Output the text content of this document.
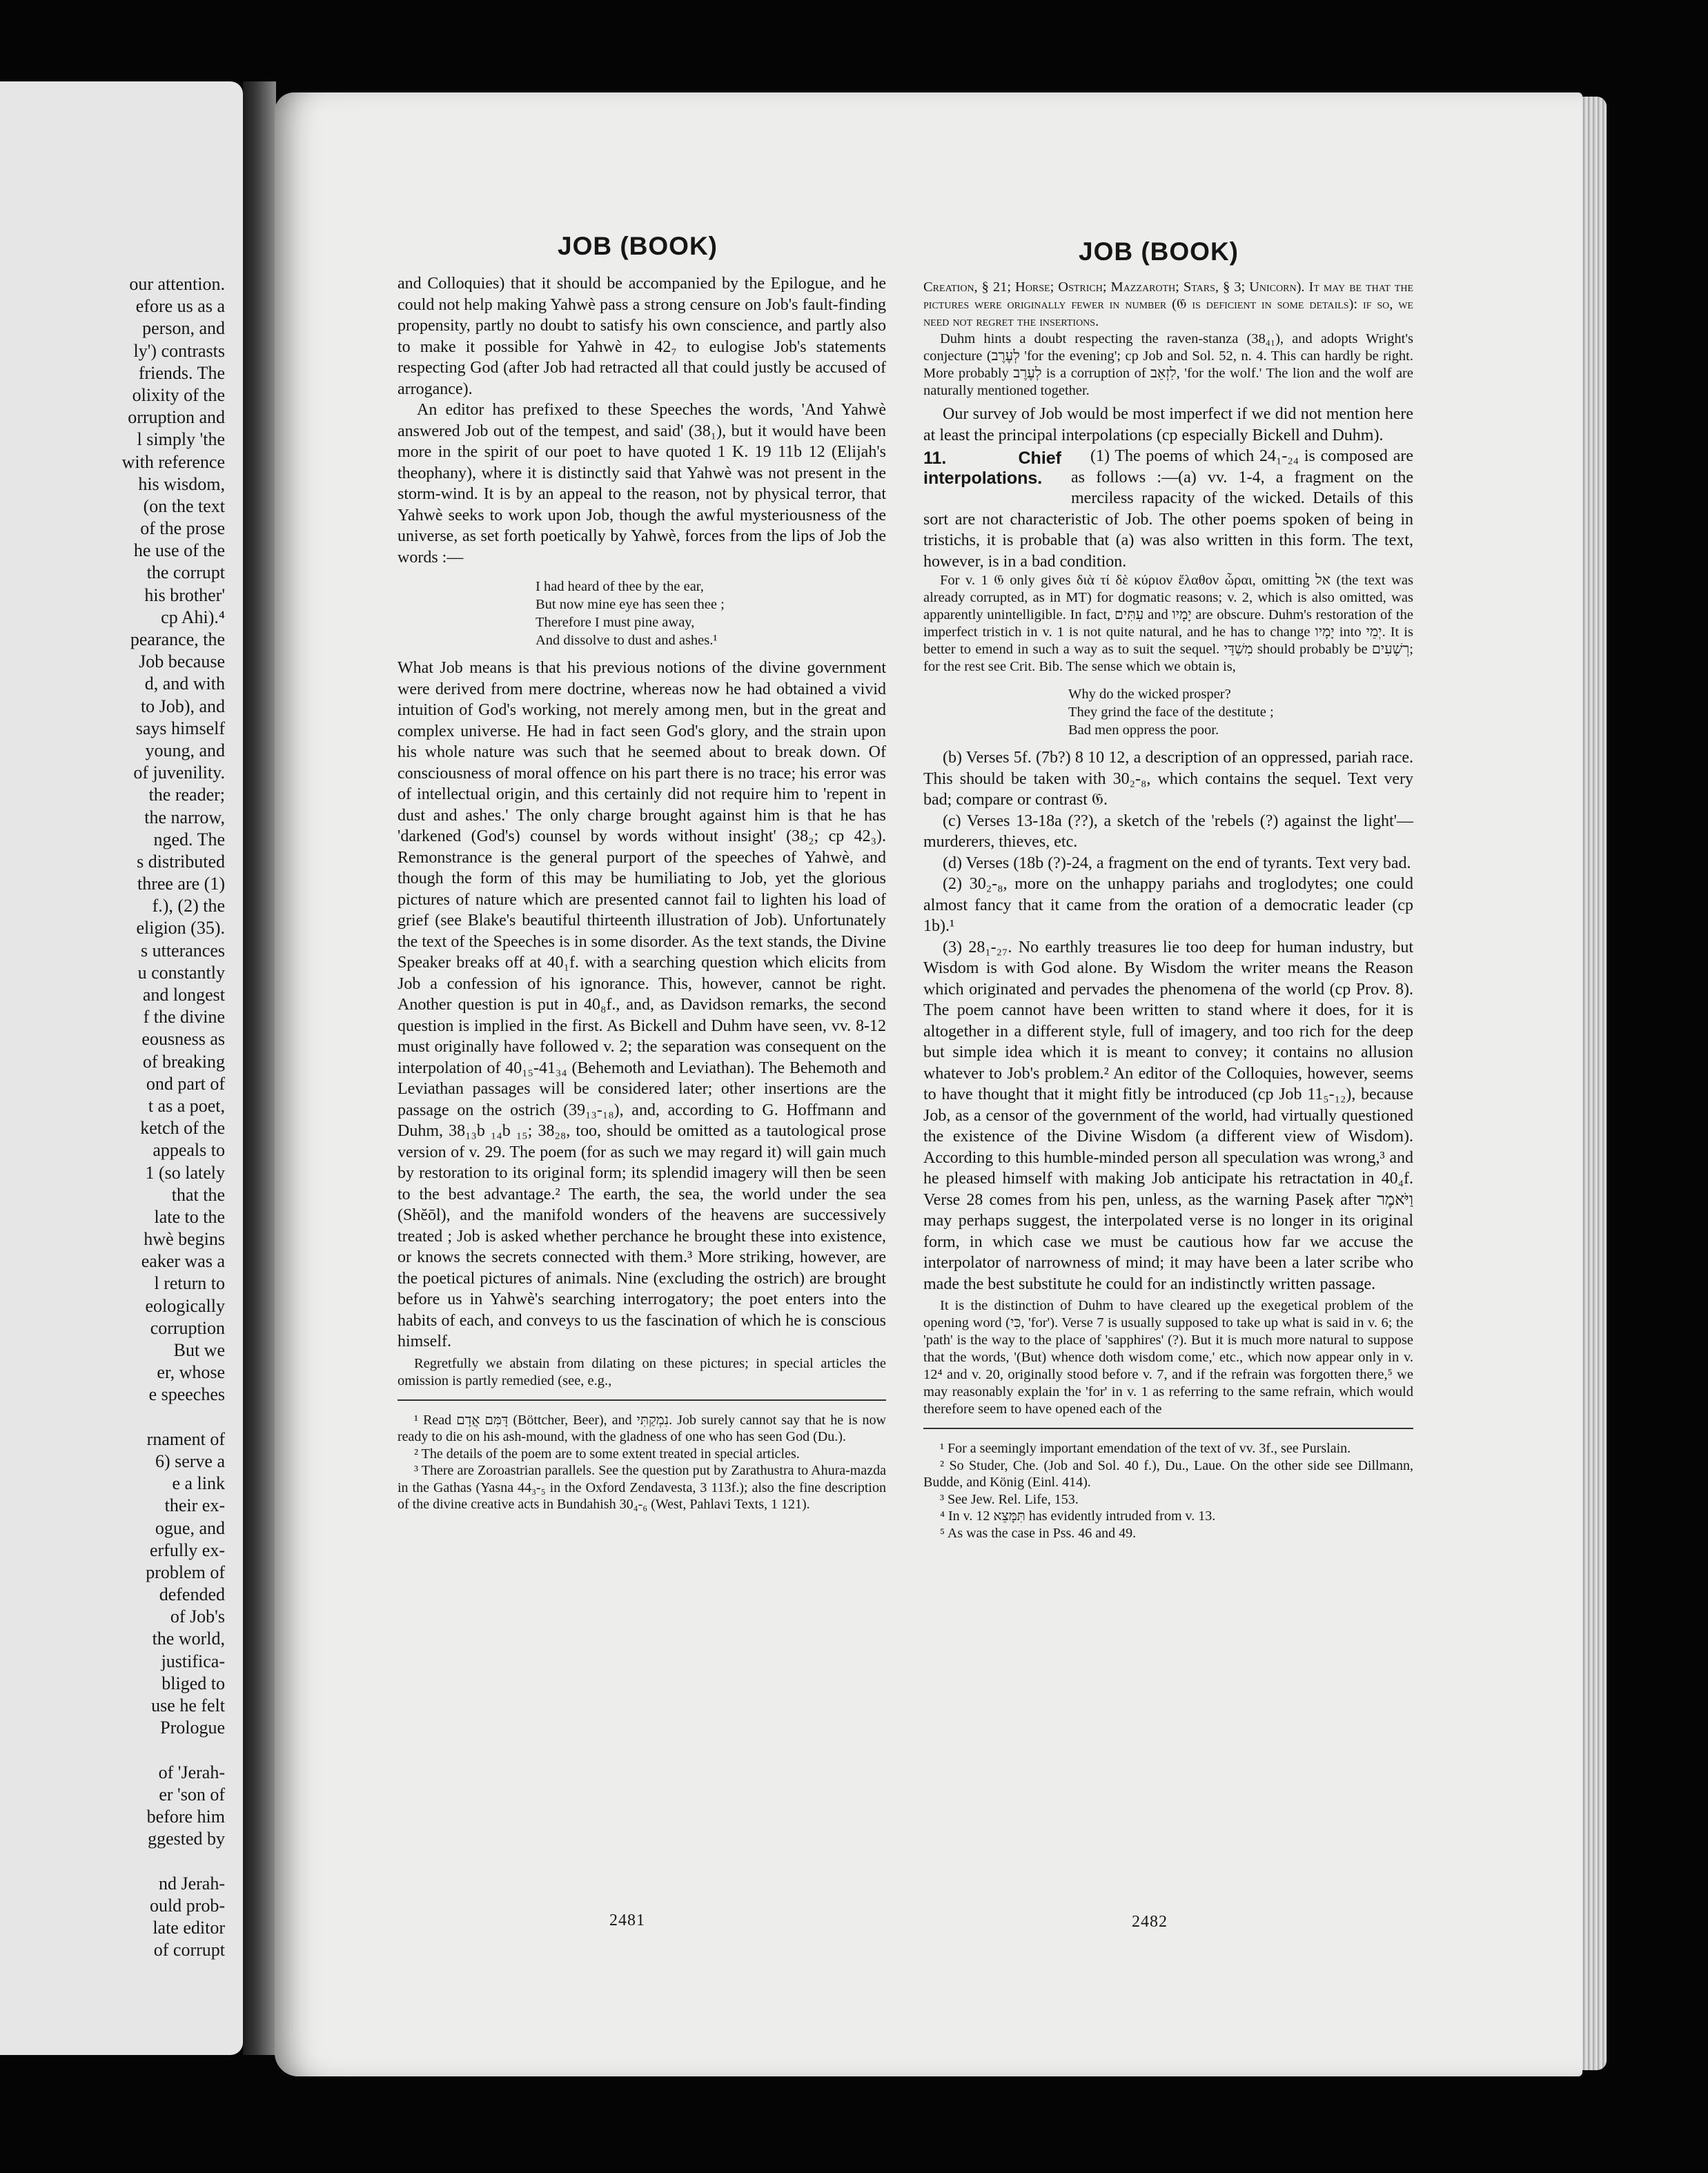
our attention.
efore us as a
person, and
ly') contrasts
friends. The
olixity of the
orruption and
l simply 'the
with reference
his wisdom,
(on the text
of the prose
he use of the
the corrupt
his brother'
cp Ahi).⁴
pearance, the
Job because
d, and with
to Job), and
says himself
young, and
of juvenility.
the reader;
the narrow,
nged. The
s distributed
three are (1)
f.), (2) the
eligion (35).
s utterances
u constantly
and longest
f the divine
eousness as
of breaking
ond part of
t as a poet,
ketch of the
appeals to
1 (so lately
that the
late to the
hwè begins
eaker was a
l return to
eologically
corruption
But we
er, whose
e speeches
rnament of
6) serve a
e a link
their ex-
ogue, and
erfully ex-
problem of
defended
of Job's
the world,
justifica-
bliged to
use he felt
Prologue
of 'Jerah-
er 'son of
before him
ggested by
nd Jerah-
ould prob-
late editor
of corrupt
JOB (BOOK)

and Colloquies) that it should be accompanied by the Epilogue, and he could not help making Yahwè pass a strong censure on Job's fault-finding propensity, partly no doubt to satisfy his own conscience, and partly also to make it possible for Yahwè in 42₇ to eulogise Job's statements respecting God (after Job had retracted all that could justly be accused of arrogance).

An editor has prefixed to these Speeches the words, 'And Yahwè answered Job out of the tempest, and said' (38₁), but it would have been more in the spirit of our poet to have quoted 1 K. 19 11b 12 (Elijah's theophany), where it is distinctly said that Yahwè was not present in the storm-wind. It is by an appeal to the reason, not by physical terror, that Yahwè seeks to work upon Job, though the awful mysteriousness of the universe, as set forth poetically by Yahwè, forces from the lips of Job the words :—

I had heard of thee by the ear,
But now mine eye has seen thee ;
Therefore I must pine away,
And dissolve to dust and ashes.¹

What Job means is that his previous notions of the divine government were derived from mere doctrine, whereas now he had obtained a vivid intuition of God's working, not merely among men, but in the great and complex universe. He had in fact seen God's glory, and the strain upon his whole nature was such that he seemed about to break down. Of consciousness of moral offence on his part there is no trace; his error was of intellectual origin, and this certainly did not require him to 'repent in dust and ashes.' The only charge brought against him is that he has 'darkened (God's) counsel by words without insight' (38₂; cp 42₃). Remonstrance is the general purport of the speeches of Yahwè, and though the form of this may be humiliating to Job, yet the glorious pictures of nature which are presented cannot fail to lighten his load of grief (see Blake's beautiful thirteenth illustration of Job). Unfortunately the text of the Speeches is in some disorder. As the text stands, the Divine Speaker breaks off at 40₁f. with a searching question which elicits from Job a confession of his ignorance. This, however, cannot be right. Another question is put in 40₈f., and, as Davidson remarks, the second question is implied in the first. As Bickell and Duhm have seen, vv. 8-12 must originally have followed v. 2; the separation was consequent on the interpolation of 40₁₅-41₃₄ (Behemoth and Leviathan). The Behemoth and Leviathan passages will be considered later; other insertions are the passage on the ostrich (39₁₃-₁₈), and, according to G. Hoffmann and Duhm, 38₁₃b ₁₄b ₁₅; 38₂₈, too, should be omitted as a tautological prose version of v. 29. The poem (for as such we may regard it) will gain much by restoration to its original form; its splendid imagery will then be seen to the best advantage.² The earth, the sea, the world under the sea (Shĕōl), and the manifold wonders of the heavens are successively treated ; Job is asked whether perchance he brought these into existence, or knows the secrets connected with them.³ More striking, however, are the poetical pictures of animals. Nine (excluding the ostrich) are brought before us in Yahwè's searching interrogatory; the poet enters into the habits of each, and conveys to us the fascination of which he is conscious himself.

Regretfully we abstain from dilating on these pictures; in special articles the omission is partly remedied (see, e.g.,

¹ Read דָּמִּם אֲדָם (Böttcher, Beer), and נִמְקַתִּי. Job surely cannot say that he is now ready to die on his ash-mound, with the gladness of one who has seen God (Du.).

² The details of the poem are to some extent treated in special articles.

³ There are Zoroastrian parallels. See the question put by Zarathustra to Ahura-mazda in the Gathas (Yasna 44₃-₅ in the Oxford Zendavesta, 3 113f.); also the fine description of the divine creative acts in Bundahish 30₄-₆ (West, Pahlavi Texts, 1 121).

2481
JOB (BOOK)

Creation, § 21; Horse; Ostrich; Mazzaroth; Stars, § 3; Unicorn). It may be that the pictures were originally fewer in number (𝔊 is deficient in some details): if so, we need not regret the insertions.

Duhm hints a doubt respecting the raven-stanza (38₄₁), and adopts Wright's conjecture (לְעֶרֶב 'for the evening'; cp Job and Sol. 52, n. 4. This can hardly be right. More probably לְעֶרֶב is a corruption of לִזְאֵב, 'for the wolf.' The lion and the wolf are naturally mentioned together.

Our survey of Job would be most imperfect if we did not mention here at least the principal interpolations (cp especially Bickell and Duhm).

11. Chief interpolations.

(1) The poems of which 24₁-₂₄ is composed are as follows :—(a) vv. 1-4, a fragment on the merciless rapacity of the wicked. Details of this sort are not characteristic of Job. The other poems spoken of being in tristichs, it is probable that (a) was also written in this form. The text, however, is in a bad condition.

For v. 1 𝔊 only gives διὰ τί δὲ κύριον ἔλαθον ὧραι, omitting אל (the text was already corrupted, as in MT) for dogmatic reasons; v. 2, which is also omitted, was apparently unintelligible. In fact, עִתִּים and יָמָיו are obscure. Duhm's restoration of the imperfect tristich in v. 1 is not quite natural, and he has to change יָמָיו into יְמֵי. It is better to emend in such a way as to suit the sequel. מִשַׁדַּי should probably be רְשָׁעִים; for the rest see Crit. Bib. The sense which we obtain is,

Why do the wicked prosper?
They grind the face of the destitute ;
Bad men oppress the poor.

(b) Verses 5f. (7b?) 8 10 12, a description of an oppressed, pariah race. This should be taken with 30₂-₈, which contains the sequel. Text very bad; compare or contrast 𝔊.

(c) Verses 13-18a (??), a sketch of the 'rebels (?) against the light'—murderers, thieves, etc.

(d) Verses (18b (?)-24, a fragment on the end of tyrants. Text very bad.

(2) 30₂-₈, more on the unhappy pariahs and troglodytes; one could almost fancy that it came from the oration of a democratic leader (cp 1b).¹

(3) 28₁-₂₇. No earthly treasures lie too deep for human industry, but Wisdom is with God alone. By Wisdom the writer means the Reason which originated and pervades the phenomena of the world (cp Prov. 8). The poem cannot have been written to stand where it does, for it is altogether in a different style, full of imagery, and too rich for the deep but simple idea which it is meant to convey; it contains no allusion whatever to Job's problem.² An editor of the Colloquies, however, seems to have thought that it might fitly be introduced (cp Job 11₅-₁₂), because Job, as a censor of the government of the world, had virtually questioned the existence of the Divine Wisdom (a different view of Wisdom). According to this humble-minded person all speculation was wrong,³ and he pleased himself with making Job anticipate his retractation in 40₄f. Verse 28 comes from his pen, unless, as the warning Paseḳ after וַיֹּאמֶר may perhaps suggest, the interpolated verse is no longer in its original form, in which case we must be cautious how far we accuse the interpolator of narrowness of mind; it may have been a later scribe who made the best substitute he could for an indistinctly written passage.

It is the distinction of Duhm to have cleared up the exegetical problem of the opening word (כִּי, 'for'). Verse 7 is usually supposed to take up what is said in v. 6; the 'path' is the way to the place of 'sapphires' (?). But it is much more natural to suppose that the words, '(But) whence doth wisdom come,' etc., which now appear only in v. 12⁴ and v. 20, originally stood before v. 7, and if the refrain was forgotten there,⁵ we may reasonably explain the 'for' in v. 1 as referring to the same refrain, which would therefore seem to have opened each of the

¹ For a seemingly important emendation of the text of vv. 3f., see Purslain.

² So Studer, Che. (Job and Sol. 40 f.), Du., Laue. On the other side see Dillmann, Budde, and König (Einl. 414).

³ See Jew. Rel. Life, 153.

⁴ In v. 12 תִּמָּצֵא has evidently intruded from v. 13.

⁵ As was the case in Pss. 46 and 49.

2482
